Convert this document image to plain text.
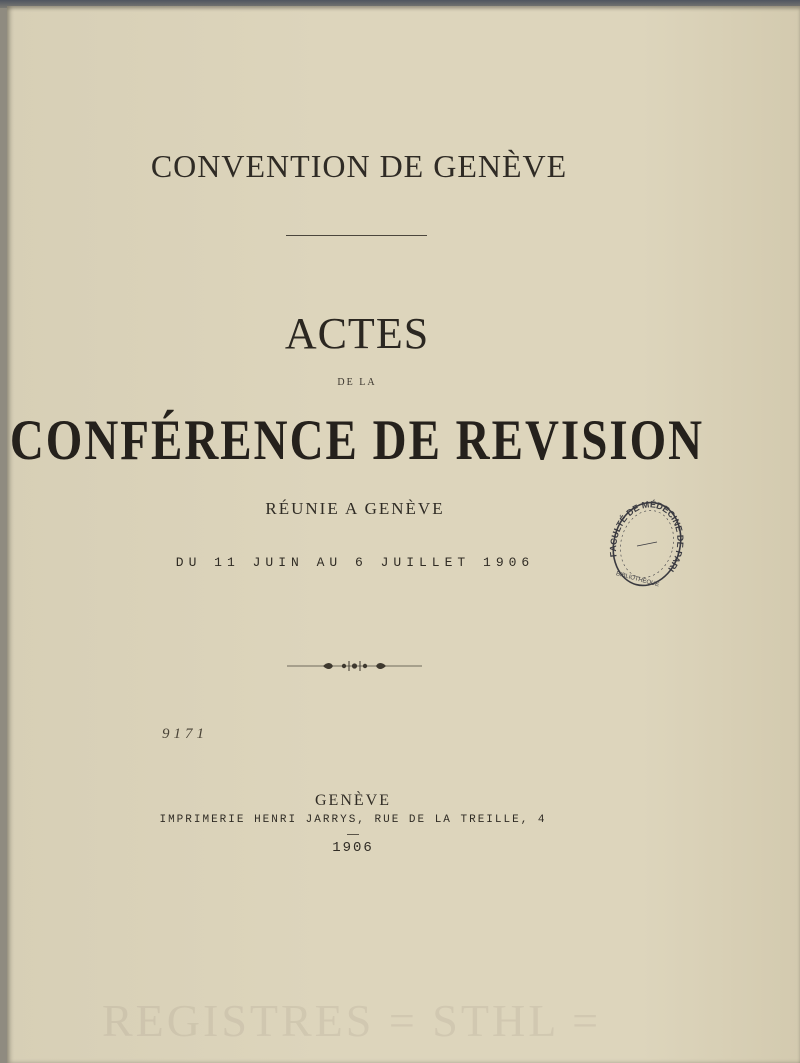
CONVENTION DE GENÈVE
ACTES
DE LA
CONFÉRENCE DE REVISION
RÉUNIE A GENÈVE
DU 11 JUIN AU 6 JUILLET 1906
9171
GENÈVE
IMPRIMERIE HENRI JARRYS, RUE DE LA TREILLE, 4
1906
FACULTÉ DE MÉDECINE DE PARIS
BIBLIOTHÈQUE
REGISTRES = STHL =
